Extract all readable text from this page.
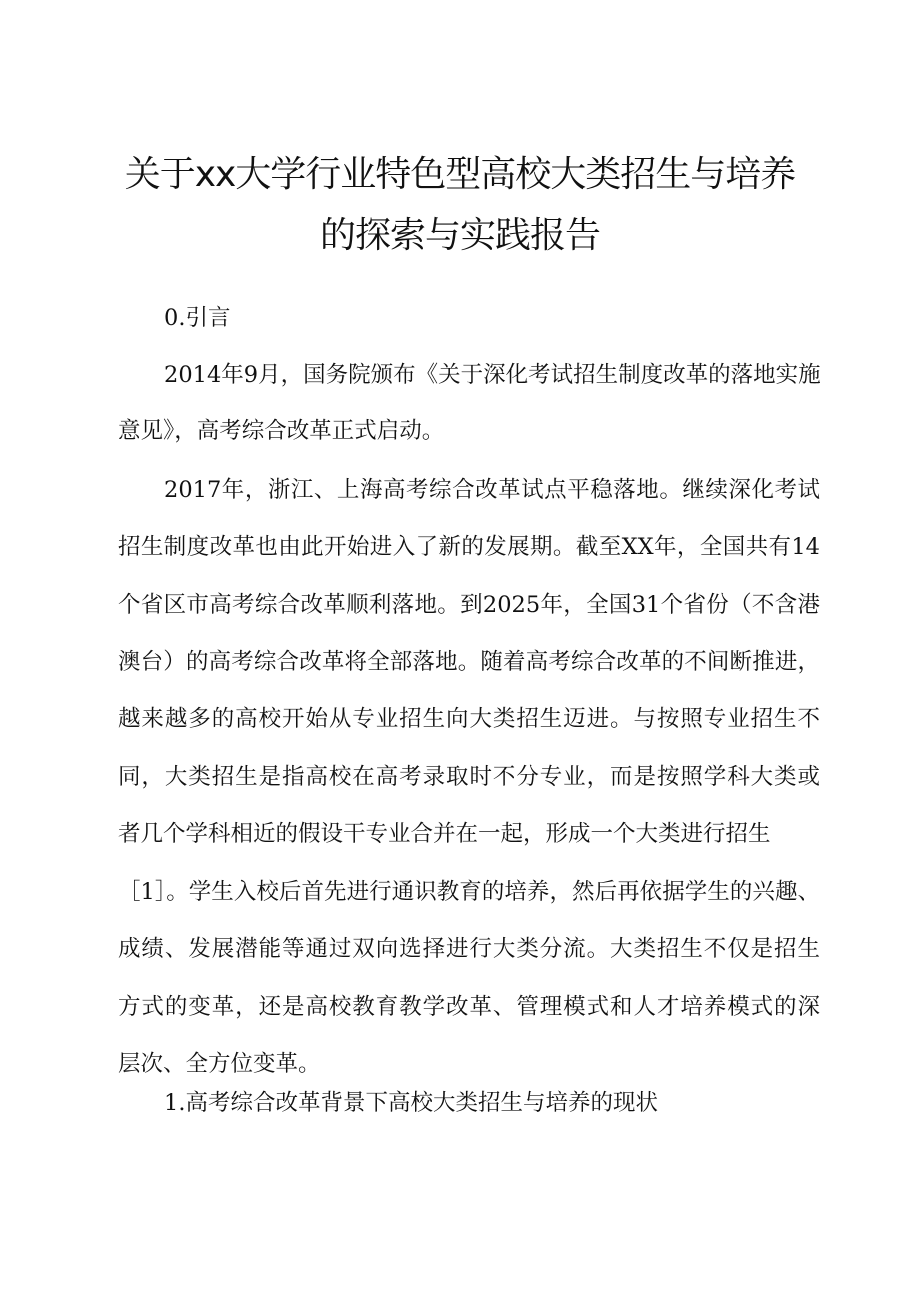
关于xx大学行业特色型高校大类招生与培养
的探索与实践报告
0.引言
2014年9月，国务院颁布《关于深化考试招生制度改革的落地实施
意见》，高考综合改革正式启动。
2017年，浙江、上海高考综合改革试点平稳落地。继续深化考试
招生制度改革也由此开始进入了新的发展期。截至XX年，全国共有14
个省区市高考综合改革顺利落地。到2025年，全国31个省份（不含港
澳台）的高考综合改革将全部落地。随着高考综合改革的不间断推进，
越来越多的高校开始从专业招生向大类招生迈进。与按照专业招生不
同，大类招生是指高校在高考录取时不分专业，而是按照学科大类或
者几个学科相近的假设干专业合并在一起，形成一个大类进行招生
［1］。学生入校后首先进行通识教育的培养，然后再依据学生的兴趣、
成绩、发展潜能等通过双向选择进行大类分流。大类招生不仅是招生
方式的变革，还是高校教育教学改革、管理模式和人才培养模式的深
层次、全方位变革。
1.高考综合改革背景下高校大类招生与培养的现状
